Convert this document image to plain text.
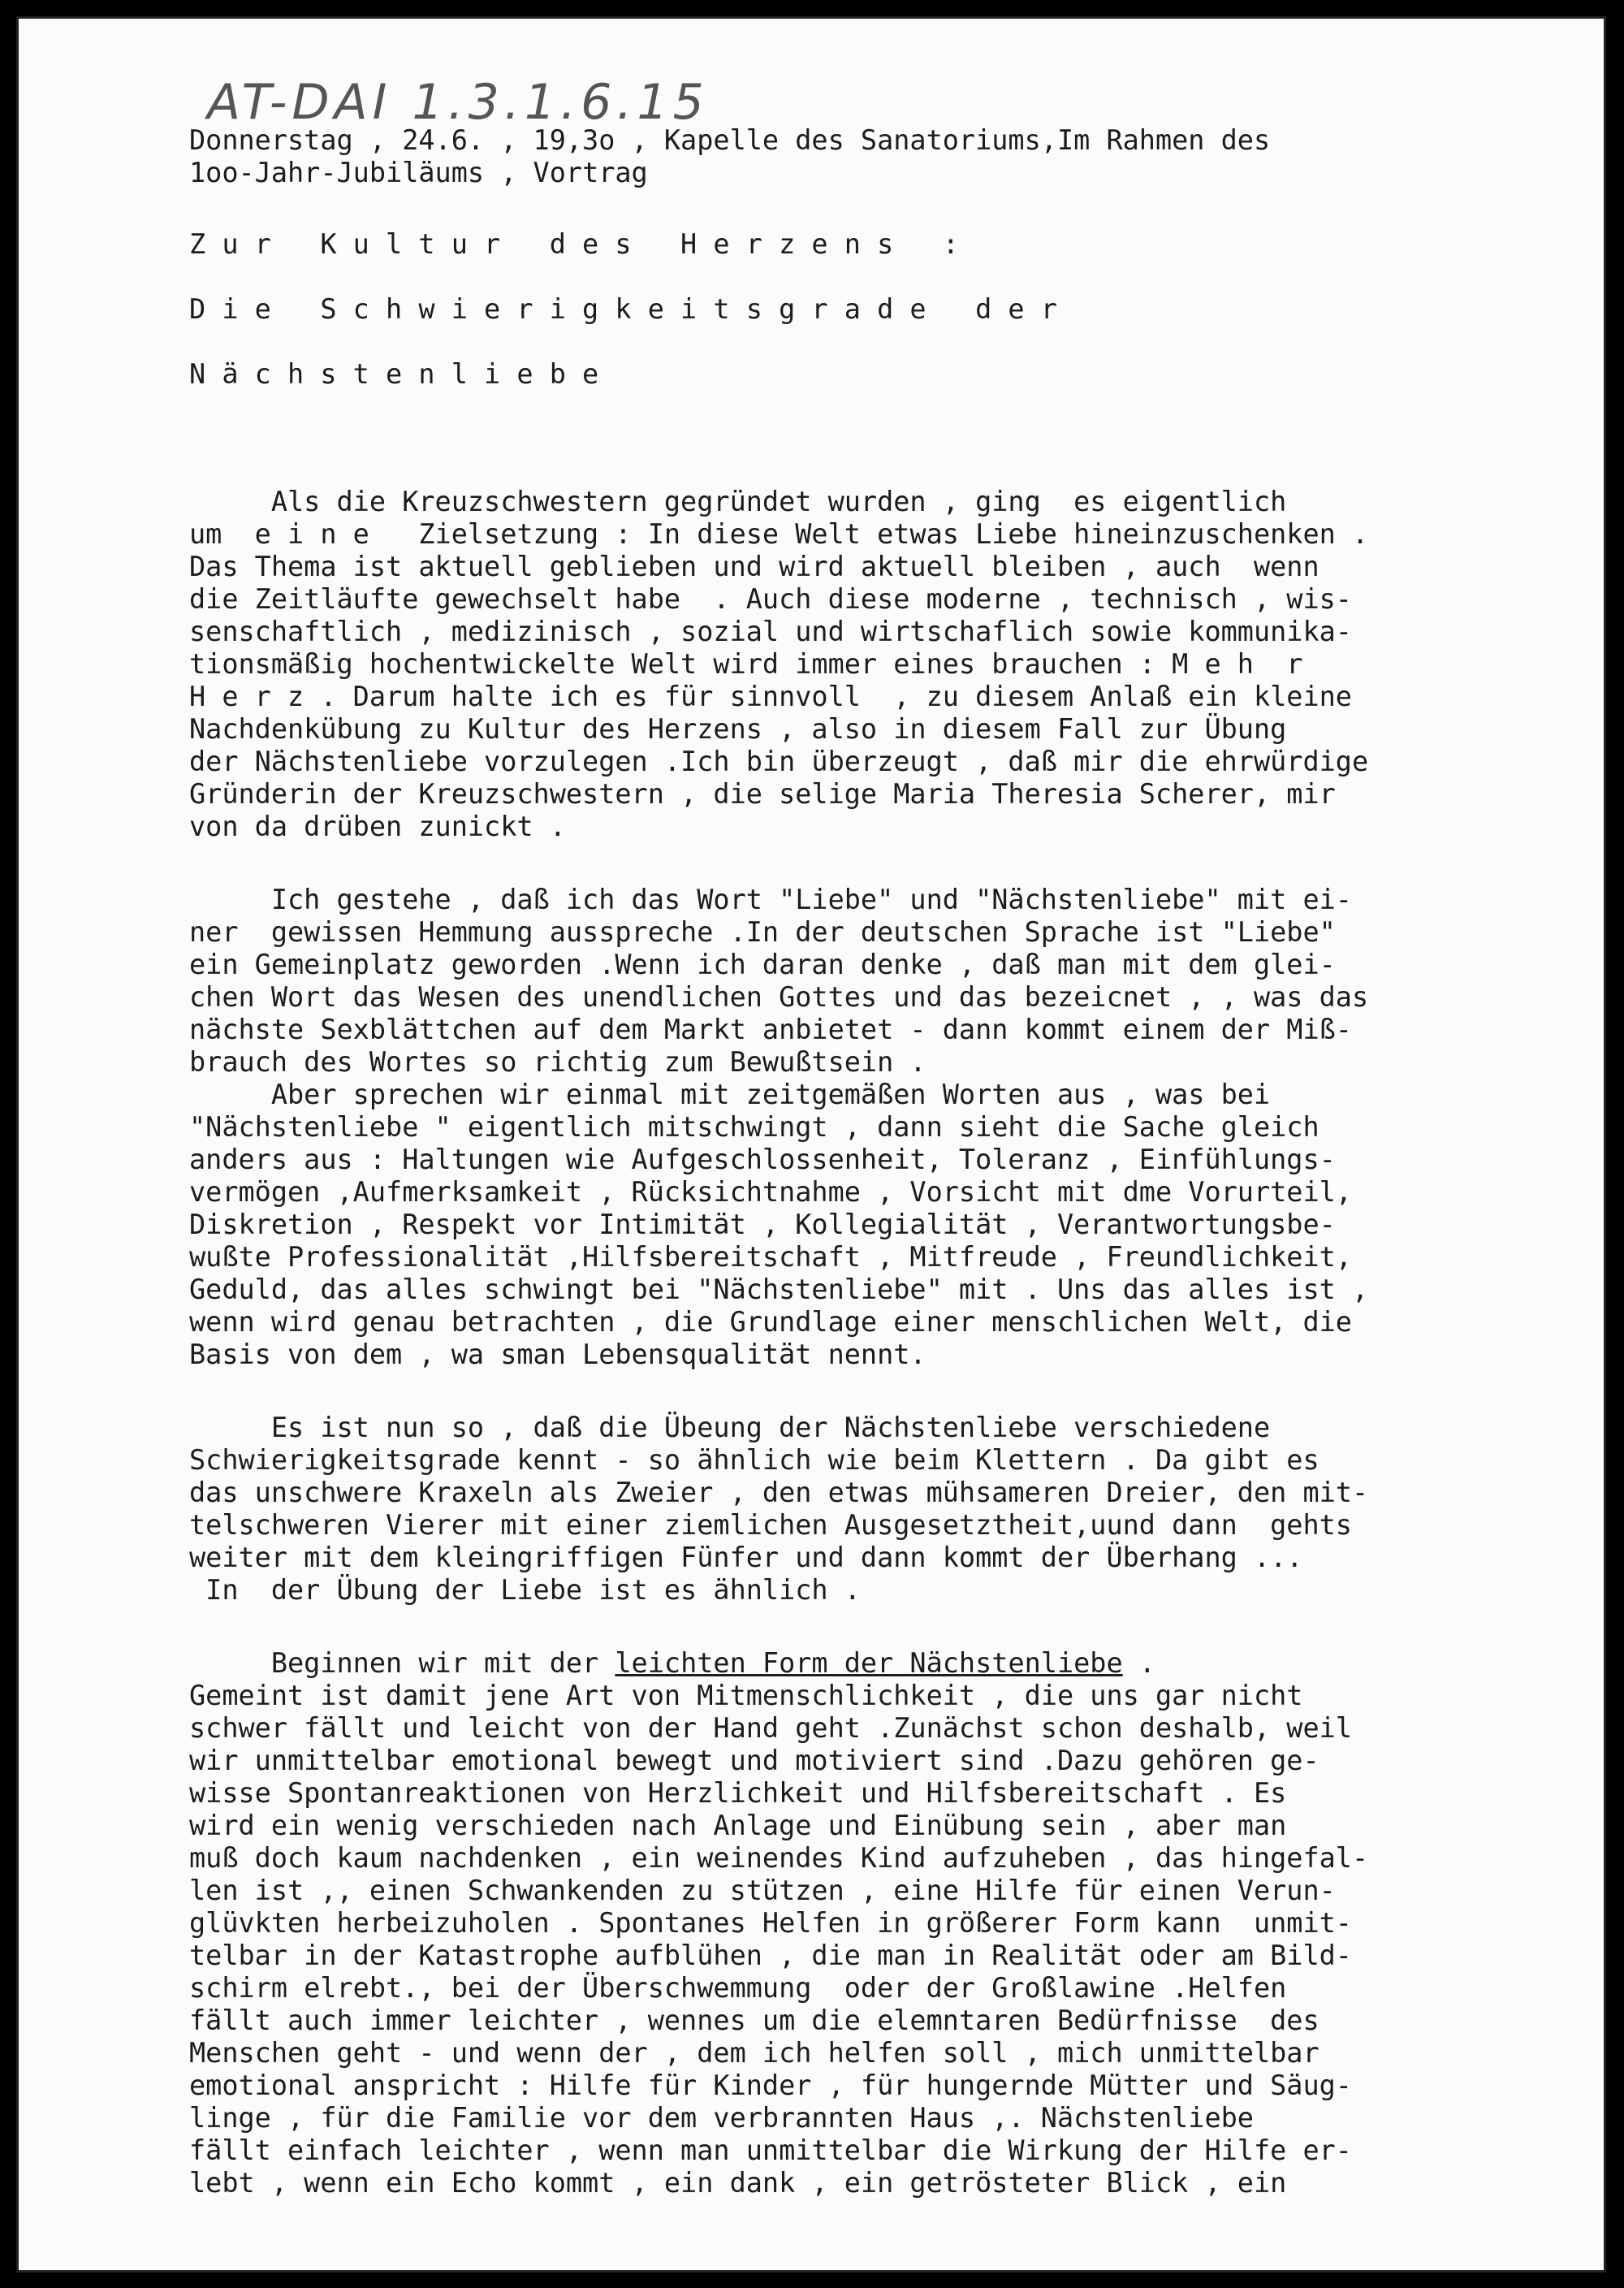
AT-DAI 1.3.1.6.15

Donnerstag , 24.6. , 19,3o , Kapelle des Sanatoriums,Im Rahmen des

1oo-Jahr-Jubiläums , Vortrag

Z u r   K u l t u r   d e s   H e r z e n s   :

D i e   S c h w i e r i g k e i t s g r a d e   d e r

N ä c h s t e n l i e b e

Als die Kreuzschwestern gegründet wurden , ging  es eigentlich

um  e i n e   Zielsetzung : In diese Welt etwas Liebe hineinzuschenken .

Das Thema ist aktuell geblieben und wird aktuell bleiben , auch  wenn

die Zeitläufte gewechselt habe  . Auch diese moderne , technisch , wis-

senschaftlich , medizinisch , sozial und wirtschaflich sowie kommunika-

tionsmäßig hochentwickelte Welt wird immer eines brauchen : M e h  r

H e r z . Darum halte ich es für sinnvoll  , zu diesem Anlaß ein kleine

Nachdenkübung zu Kultur des Herzens , also in diesem Fall zur Übung

der Nächstenliebe vorzulegen .Ich bin überzeugt , daß mir die ehrwürdige

Gründerin der Kreuzschwestern , die selige Maria Theresia Scherer, mir

von da drüben zunickt .

Ich gestehe , daß ich das Wort "Liebe" und "Nächstenliebe" mit ei-

ner  gewissen Hemmung ausspreche .In der deutschen Sprache ist "Liebe"

ein Gemeinplatz geworden .Wenn ich daran denke , daß man mit dem glei-

chen Wort das Wesen des unendlichen Gottes und das bezeicnet , , was das

nächste Sexblättchen auf dem Markt anbietet - dann kommt einem der Miß-

brauch des Wortes so richtig zum Bewußtsein .

Aber sprechen wir einmal mit zeitgemäßen Worten aus , was bei

"Nächstenliebe " eigentlich mitschwingt , dann sieht die Sache gleich

anders aus : Haltungen wie Aufgeschlossenheit, Toleranz , Einfühlungs-

vermögen ,Aufmerksamkeit , Rücksichtnahme , Vorsicht mit dme Vorurteil,

Diskretion , Respekt vor Intimität , Kollegialität , Verantwortungsbe-

wußte Professionalität ,Hilfsbereitschaft , Mitfreude , Freundlichkeit,

Geduld, das alles schwingt bei "Nächstenliebe" mit . Uns das alles ist ,

wenn wird genau betrachten , die Grundlage einer menschlichen Welt, die

Basis von dem , wa sman Lebensqualität nennt.

Es ist nun so , daß die Übeung der Nächstenliebe verschiedene

Schwierigkeitsgrade kennt - so ähnlich wie beim Klettern . Da gibt es

das unschwere Kraxeln als Zweier , den etwas mühsameren Dreier, den mit-

telschweren Vierer mit einer ziemlichen Ausgesetztheit,uund dann  gehts

weiter mit dem kleingriffigen Fünfer und dann kommt der Überhang ...

In  der Übung der Liebe ist es ähnlich .

Beginnen wir mit der leichten Form der Nächstenliebe .

Gemeint ist damit jene Art von Mitmenschlichkeit , die uns gar nicht

schwer fällt und leicht von der Hand geht .Zunächst schon deshalb, weil

wir unmittelbar emotional bewegt und motiviert sind .Dazu gehören ge-

wisse Spontanreaktionen von Herzlichkeit und Hilfsbereitschaft . Es

wird ein wenig verschieden nach Anlage und Einübung sein , aber man

muß doch kaum nachdenken , ein weinendes Kind aufzuheben , das hingefal-

len ist ,, einen Schwankenden zu stützen , eine Hilfe für einen Verun-

glüvkten herbeizuholen . Spontanes Helfen in größerer Form kann  unmit-

telbar in der Katastrophe aufblühen , die man in Realität oder am Bild-

schirm elrebt., bei der Überschwemmung  oder der Großlawine .Helfen

fällt auch immer leichter , wennes um die elemntaren Bedürfnisse  des

Menschen geht - und wenn der , dem ich helfen soll , mich unmittelbar

emotional anspricht : Hilfe für Kinder , für hungernde Mütter und Säug-

linge , für die Familie vor dem verbrannten Haus ,. Nächstenliebe

fällt einfach leichter , wenn man unmittelbar die Wirkung der Hilfe er-

lebt , wenn ein Echo kommt , ein dank , ein getrösteter Blick , ein
